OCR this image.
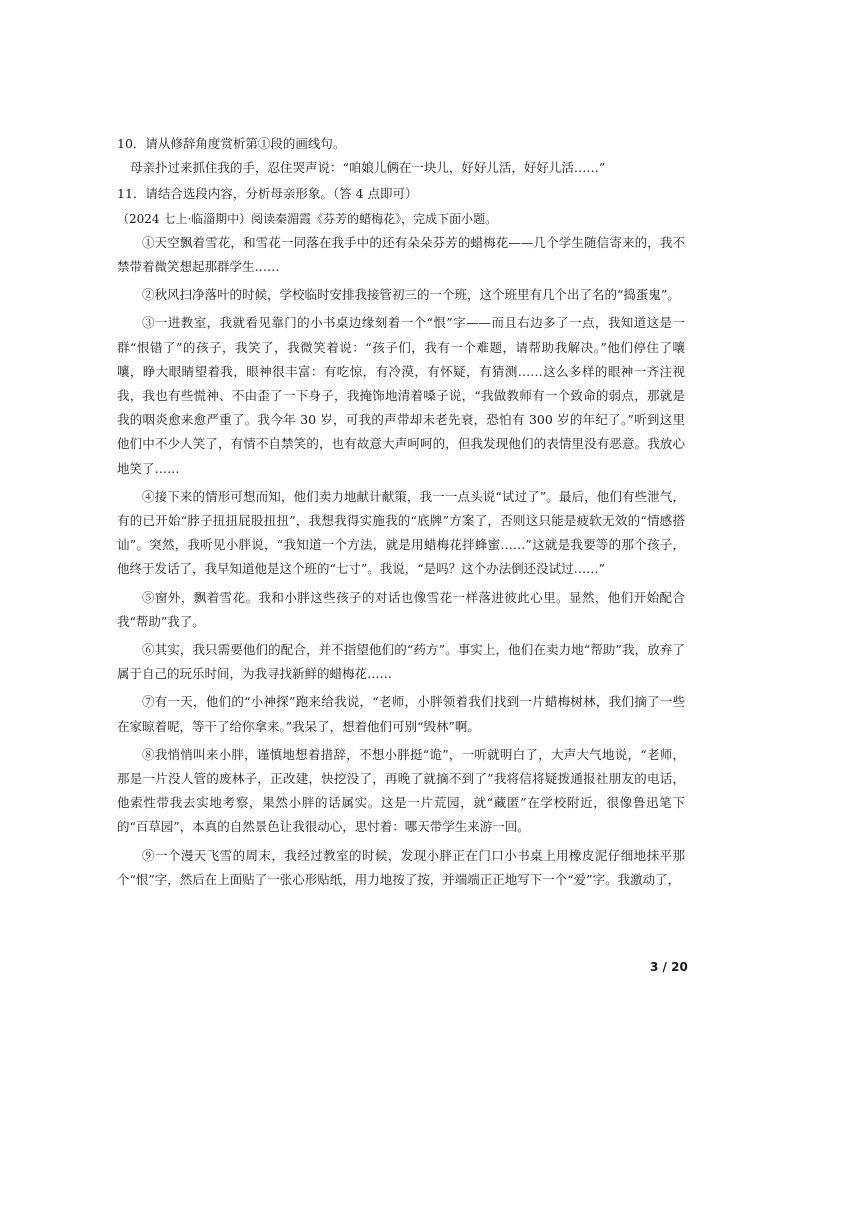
10．请从修辞角度赏析第①段的画线句。

母亲扑过来抓住我的手，忍住哭声说：“咱娘儿俩在一块儿，好好儿活，好好儿活……”

11．请结合选段内容，分析母亲形象。（答 4 点即可）

（2024 七上·临淄期中）阅读秦湄霞《芬芳的蜡梅花》，完成下面小题。

①天空飘着雪花，和雪花一同落在我手中的还有朵朵芬芳的蜡梅花——几个学生随信寄来的，我不禁带着微笑想起那群学生……

②秋风扫净落叶的时候，学校临时安排我接管初三的一个班，这个班里有几个出了名的“捣蛋鬼”。

③一进教室，我就看见靠门的小书桌边缘刻着一个“恨”字——而且右边多了一点，我知道这是一群“恨错了”的孩子，我笑了，我微笑着说：“孩子们，我有一个难题，请帮助我解决。”他们停住了嚷嚷，睁大眼睛望着我，眼神很丰富：有吃惊，有冷漠，有怀疑，有猜测……这么多样的眼神一齐注视我，我也有些慌神、不由歪了一下身子，我掩饰地清着嗓子说，“我做教师有一个致命的弱点，那就是我的咽炎愈来愈严重了。我今年 30 岁，可我的声带却未老先衰，恐怕有 300 岁的年纪了。”听到这里他们中不少人笑了，有情不自禁笑的，也有故意大声呵呵的，但我发现他们的表情里没有恶意。我放心地笑了……

④接下来的情形可想而知，他们卖力地献计献策，我一一点头说“试过了”。最后，他们有些泄气，有的已开始“脖子扭扭屁股扭扭”，我想我得实施我的“底牌”方案了，否则这只能是疲软无效的“情感搭讪”。突然，我听见小胖说，“我知道一个方法，就是用蜡梅花拌蜂蜜……”这就是我要等的那个孩子，他终于发话了，我早知道他是这个班的“七寸”。我说，“是吗？这个办法倒还没试过……”

⑤窗外，飘着雪花。我和小胖这些孩子的对话也像雪花一样落进彼此心里。显然，他们开始配合我“帮助”我了。

⑥其实，我只需要他们的配合，并不指望他们的“药方”。事实上，他们在卖力地“帮助”我，放弃了属于自己的玩乐时间，为我寻找新鲜的蜡梅花……

⑦有一天，他们的“小神探”跑来给我说，“老师，小胖领着我们找到一片蜡梅树林，我们摘了一些在家晾着呢，等干了给你拿来。”我呆了，想着他们可别“毁林”啊。

⑧我悄悄叫来小胖，谨慎地想着措辞，不想小胖挺“诡”，一听就明白了，大声大气地说，“老师，那是一片没人管的废林子，正改建，快挖没了，再晚了就摘不到了”我将信将疑拨通报社朋友的电话，他索性带我去实地考察，果然小胖的话属实。这是一片荒园，就“藏匿”在学校附近，很像鲁迅笔下的“百草园”，本真的自然景色让我很动心，思忖着：哪天带学生来游一回。

⑨一个漫天飞雪的周末，我经过教室的时候，发现小胖正在门口小书桌上用橡皮泥仔细地抹平那个“恨”字，然后在上面贴了一张心形贴纸，用力地按了按，并端端正正地写下一个“爱”字。我激动了，

3 / 20
